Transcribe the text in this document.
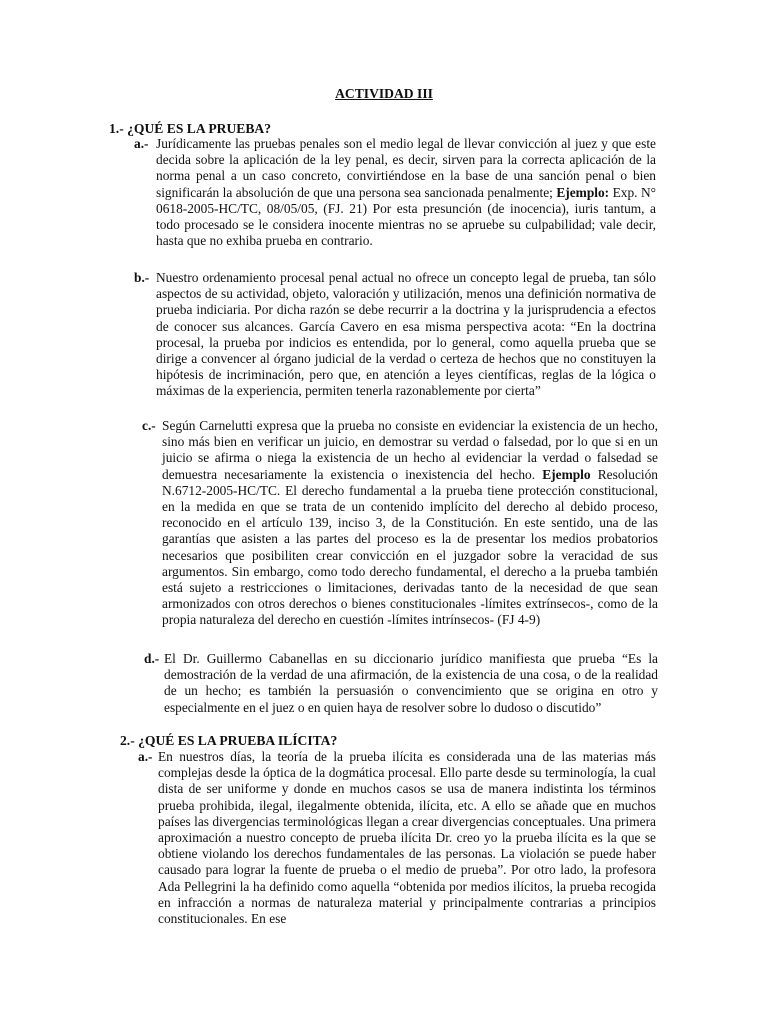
ACTIVIDAD III
1.- ¿QUÉ ES LA PRUEBA?
a.- Jurídicamente las pruebas penales son el medio legal de llevar convicción al juez y que este decida sobre la aplicación de la ley penal, es decir, sirven para la correcta aplicación de la norma penal a un caso concreto, convirtiéndose en la base de una sanción penal o bien significarán la absolución de que una persona sea sancionada penalmente; Ejemplo: Exp. N° 0618-2005-HC/TC, 08/05/05, (FJ. 21) Por esta presunción (de inocencia), iuris tantum, a todo procesado se le considera inocente mientras no se apruebe su culpabilidad; vale decir, hasta que no exhiba prueba en contrario.
b.- Nuestro ordenamiento procesal penal actual no ofrece un concepto legal de prueba, tan sólo aspectos de su actividad, objeto, valoración y utilización, menos una definición normativa de prueba indiciaria. Por dicha razón se debe recurrir a la doctrina y la jurisprudencia a efectos de conocer sus alcances. García Cavero en esa misma perspectiva acota: “En la doctrina procesal, la prueba por indicios es entendida, por lo general, como aquella prueba que se dirige a convencer al órgano judicial de la verdad o certeza de hechos que no constituyen la hipótesis de incriminación, pero que, en atención a leyes científicas, reglas de la lógica o máximas de la experiencia, permiten tenerla razonablemente por cierta”
c.- Según Carnelutti expresa que la prueba no consiste en evidenciar la existencia de un hecho, sino más bien en verificar un juicio, en demostrar su verdad o falsedad, por lo que si en un juicio se afirma o niega la existencia de un hecho al evidenciar la verdad o falsedad se demuestra necesariamente la existencia o inexistencia del hecho. Ejemplo Resolución N.6712-2005-HC/TC. El derecho fundamental a la prueba tiene protección constitucional, en la medida en que se trata de un contenido implícito del derecho al debido proceso, reconocido en el artículo 139, inciso 3, de la Constitución. En este sentido, una de las garantías que asisten a las partes del proceso es la de presentar los medios probatorios necesarios que posibiliten crear convicción en el juzgador sobre la veracidad de sus argumentos. Sin embargo, como todo derecho fundamental, el derecho a la prueba también está sujeto a restricciones o limitaciones, derivadas tanto de la necesidad de que sean armonizados con otros derechos o bienes constitucionales -límites extrínsecos-, como de la propia naturaleza del derecho en cuestión -límites intrínsecos- (FJ 4-9)
d.- El Dr. Guillermo Cabanellas en su diccionario jurídico manifiesta que prueba “Es la demostración de la verdad de una afirmación, de la existencia de una cosa, o de la realidad de un hecho; es también la persuasión o convencimiento que se origina en otro y especialmente en el juez o en quien haya de resolver sobre lo dudoso o discutido”
2.- ¿QUÉ ES LA PRUEBA ILÍCITA?
a.- En nuestros días, la teoría de la prueba ilícita es considerada una de las materias más complejas desde la óptica de la dogmática procesal. Ello parte desde su terminología, la cual dista de ser uniforme y donde en muchos casos se usa de manera indistinta los términos prueba prohibida, ilegal, ilegalmente obtenida, ilícita, etc. A ello se añade que en muchos países las divergencias terminológicas llegan a crear divergencias conceptuales. Una primera aproximación a nuestro concepto de prueba ilícita Dr. creo yo la prueba ilícita es la que se obtiene violando los derechos fundamentales de las personas. La violación se puede haber causado para lograr la fuente de prueba o el medio de prueba”. Por otro lado, la profesora Ada Pellegrini la ha definido como aquella “obtenida por medios ilícitos, la prueba recogida en infracción a normas de naturaleza material y principalmente contrarias a principios constitucionales. En ese
